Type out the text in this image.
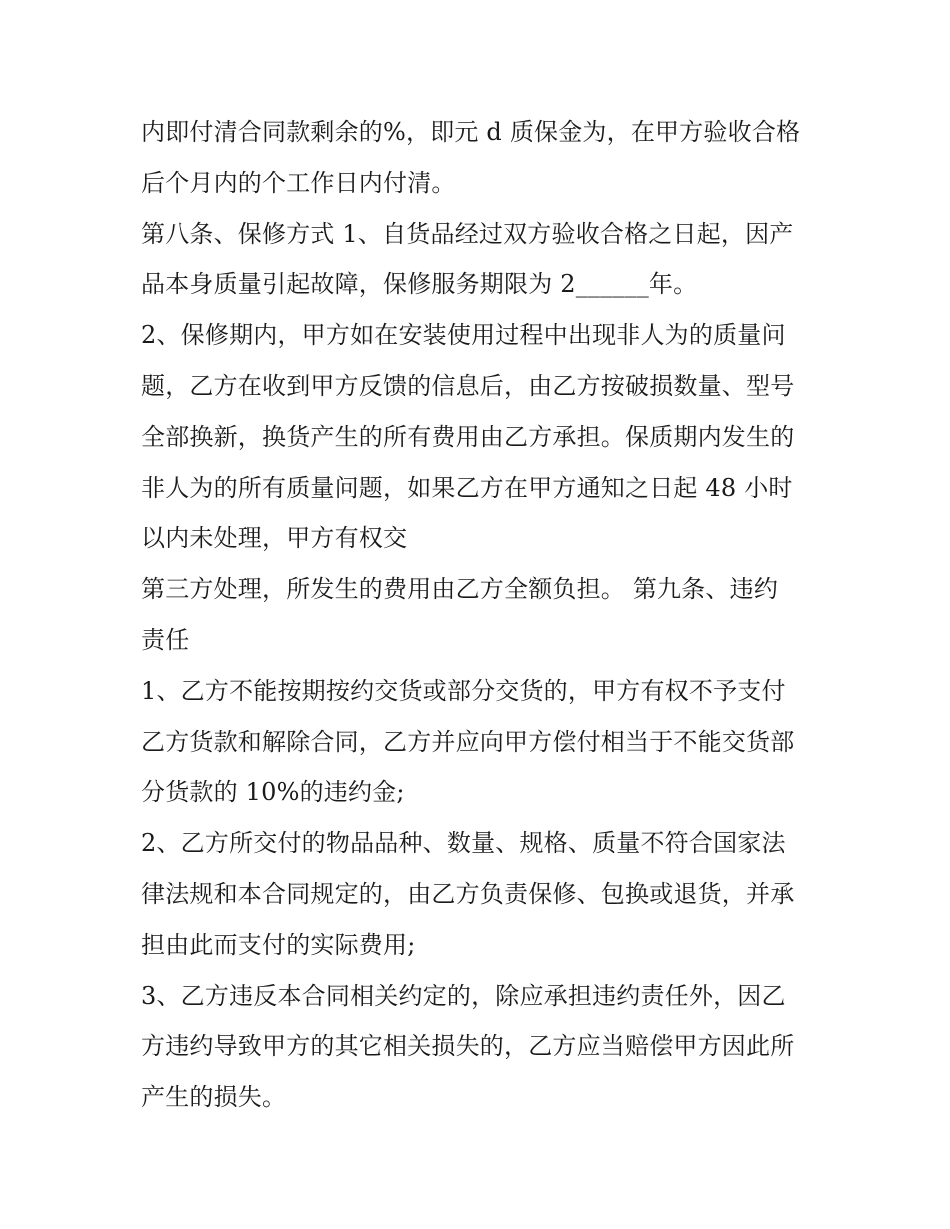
内即付清合同款剩余的%，即元 d 质保金为，在甲方验收合格
后个月内的个工作日内付清。
第八条、保修方式 1、自货品经过双方验收合格之日起，因产
品本身质量引起故障，保修服务期限为 2______年。
2、保修期内，甲方如在安装使用过程中出现非人为的质量问
题，乙方在收到甲方反馈的信息后，由乙方按破损数量、型号
全部换新，换货产生的所有费用由乙方承担。保质期内发生的
非人为的所有质量问题，如果乙方在甲方通知之日起 48 小时
以内未处理，甲方有权交
第三方处理，所发生的费用由乙方全额负担。 第九条、违约
责任
1、乙方不能按期按约交货或部分交货的，甲方有权不予支付
乙方货款和解除合同，乙方并应向甲方偿付相当于不能交货部
分货款的 10%的违约金;
2、乙方所交付的物品品种、数量、规格、质量不符合国家法
律法规和本合同规定的，由乙方负责保修、包换或退货，并承
担由此而支付的实际费用;
3、乙方违反本合同相关约定的，除应承担违约责任外，因乙
方违约导致甲方的其它相关损失的，乙方应当赔偿甲方因此所
产生的损失。
